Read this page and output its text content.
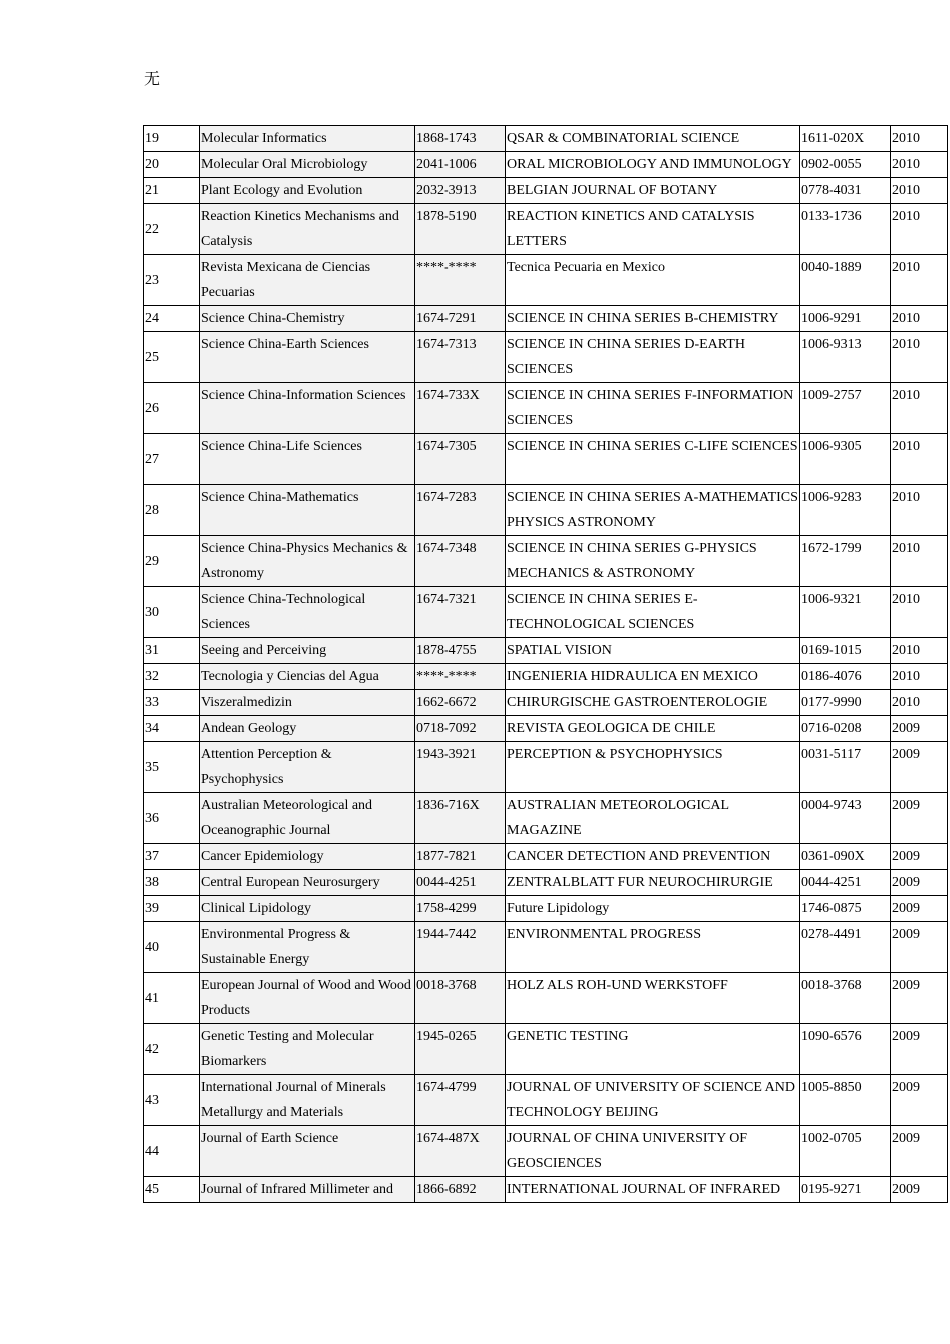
无
19	Molecular Informatics	1868-1743	QSAR & COMBINATORIAL SCIENCE	1611-020X	2010
20	Molecular Oral Microbiology	2041-1006	ORAL MICROBIOLOGY AND IMMUNOLOGY	0902-0055	2010
21	Plant Ecology and Evolution	2032-3913	BELGIAN JOURNAL OF BOTANY	0778-4031	2010
22	Reaction Kinetics Mechanisms and Catalysis	1878-5190	REACTION KINETICS AND CATALYSIS LETTERS	0133-1736	2010
23	Revista Mexicana de Ciencias Pecuarias	****-****	Tecnica Pecuaria en Mexico	0040-1889	2010
24	Science China-Chemistry	1674-7291	SCIENCE IN CHINA SERIES B-CHEMISTRY	1006-9291	2010
25	Science China-Earth Sciences	1674-7313	SCIENCE IN CHINA SERIES D-EARTH SCIENCES	1006-9313	2010
26	Science China-Information Sciences	1674-733X	SCIENCE IN CHINA SERIES F-INFORMATION SCIENCES	1009-2757	2010
27	Science China-Life Sciences	1674-7305	SCIENCE IN CHINA SERIES C-LIFE SCIENCES	1006-9305	2010
28	Science China-Mathematics	1674-7283	SCIENCE IN CHINA SERIES A-MATHEMATICS PHYSICS ASTRONOMY	1006-9283	2010
29	Science China-Physics Mechanics & Astronomy	1674-7348	SCIENCE IN CHINA SERIES G-PHYSICS MECHANICS & ASTRONOMY	1672-1799	2010
30	Science China-Technological Sciences	1674-7321	SCIENCE IN CHINA SERIES E-TECHNOLOGICAL SCIENCES	1006-9321	2010
31	Seeing and Perceiving	1878-4755	SPATIAL VISION	0169-1015	2010
32	Tecnologia y Ciencias del Agua	****-****	INGENIERIA HIDRAULICA EN MEXICO	0186-4076	2010
33	Viszeralmedizin	1662-6672	CHIRURGISCHE GASTROENTEROLOGIE	0177-9990	2010
34	Andean Geology	0718-7092	REVISTA GEOLOGICA DE CHILE	0716-0208	2009
35	Attention Perception & Psychophysics	1943-3921	PERCEPTION & PSYCHOPHYSICS	0031-5117	2009
36	Australian Meteorological and Oceanographic Journal	1836-716X	AUSTRALIAN METEOROLOGICAL MAGAZINE	0004-9743	2009
37	Cancer Epidemiology	1877-7821	CANCER DETECTION AND PREVENTION	0361-090X	2009
38	Central European Neurosurgery	0044-4251	ZENTRALBLATT FUR NEUROCHIRURGIE	0044-4251	2009
39	Clinical Lipidology	1758-4299	Future Lipidology	1746-0875	2009
40	Environmental Progress & Sustainable Energy	1944-7442	ENVIRONMENTAL PROGRESS	0278-4491	2009
41	European Journal of Wood and Wood Products	0018-3768	HOLZ ALS ROH-UND WERKSTOFF	0018-3768	2009
42	Genetic Testing and Molecular Biomarkers	1945-0265	GENETIC TESTING	1090-6576	2009
43	International Journal of Minerals Metallurgy and Materials	1674-4799	JOURNAL OF UNIVERSITY OF SCIENCE AND TECHNOLOGY BEIJING	1005-8850	2009
44	Journal of Earth Science	1674-487X	JOURNAL OF CHINA UNIVERSITY OF GEOSCIENCES	1002-0705	2009
45	Journal of Infrared Millimeter and	1866-6892	INTERNATIONAL JOURNAL OF INFRARED	0195-9271	2009
